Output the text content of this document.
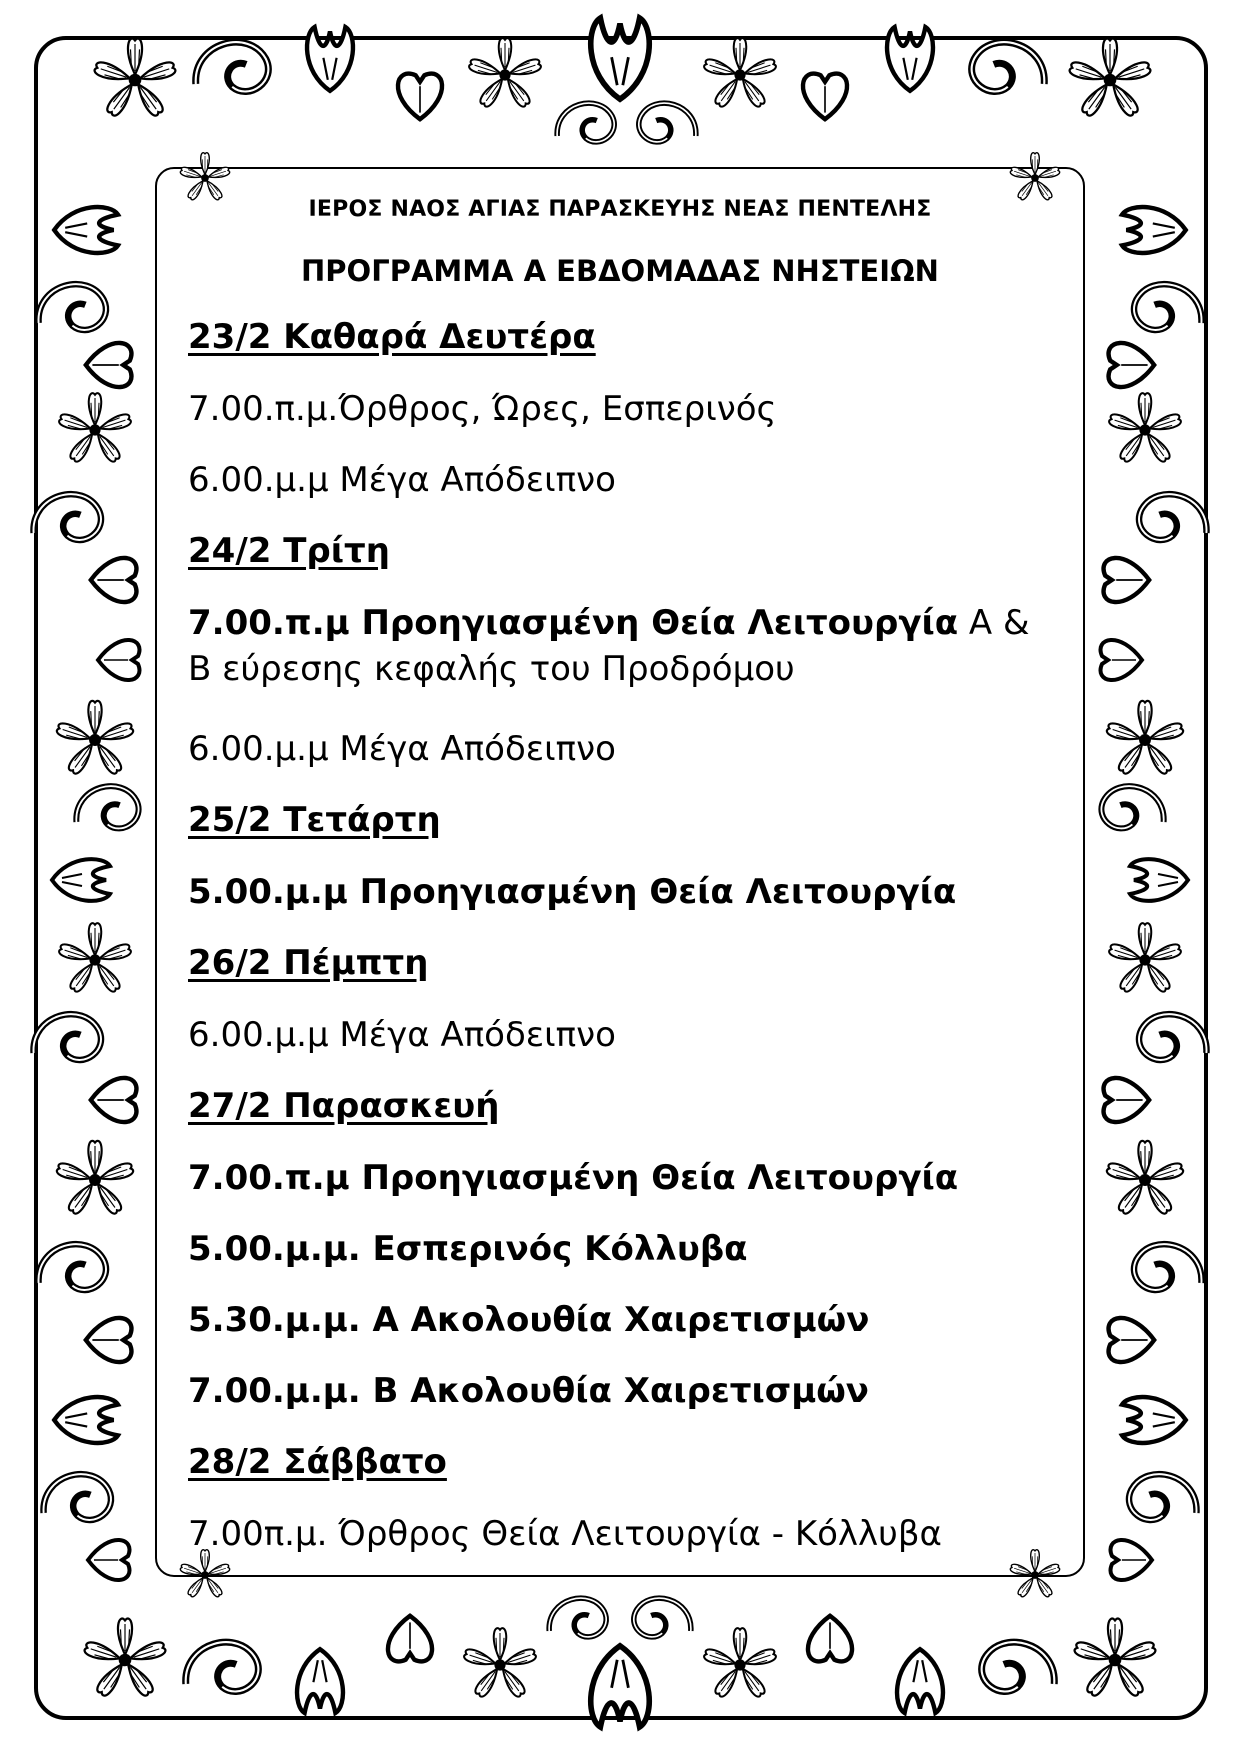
ΙΕΡΟΣ ΝΑΟΣ ΑΓΙΑΣ ΠΑΡΑΣΚΕΥΗΣ ΝΕΑΣ ΠΕΝΤΕΛΗΣ
ΠΡΟΓΡΑΜΜΑ Α ΕΒΔΟΜΑΔΑΣ ΝΗΣΤΕΙΩΝ
23/2 Καθαρά Δευτέρα
7.00.π.μ.Όρθρος, Ώρες, Εσπερινός
6.00.μ.μ Μέγα Απόδειπνο
24/2 Τρίτη
7.00.π.μ Προηγιασμένη Θεία Λειτουργία Α & Β εύρεσης κεφαλής του Προδρόμου
6.00.μ.μ Μέγα Απόδειπνο
25/2 Τετάρτη
5.00.μ.μ Προηγιασμένη Θεία Λειτουργία
26/2 Πέμπτη
6.00.μ.μ Μέγα Απόδειπνο
27/2 Παρασκευή
7.00.π.μ Προηγιασμένη Θεία Λειτουργία
5.00.μ.μ. Εσπερινός Κόλλυβα
5.30.μ.μ. Α Ακολουθία Χαιρετισμών
7.00.μ.μ. Β Ακολουθία Χαιρετισμών
28/2 Σάββατο
7.00π.μ. Όρθρος Θεία Λειτουργία - Κόλλυβα
